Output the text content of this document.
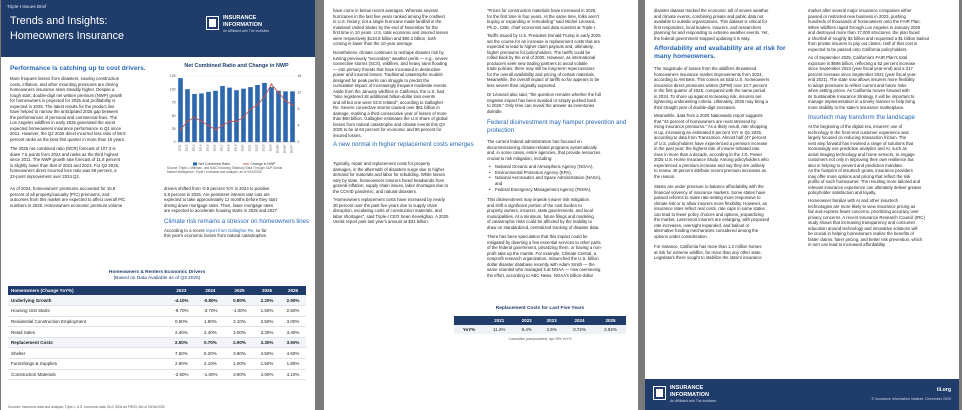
Triple-I Issues Brief
Trends and Insights:
Homeowners Insurance
INSURANCE
INFORMATION
An Affiliated with The Institutes
Performance is catching up to cost drivers.
More frequent losses from disasters, soaring construction
costs, inflation, and other mounting pressures are driving
homeowners insurance rates steadily higher. Despite a
rough start, double-digit net written premium (NWP) growth
for homeowners is projected for 2025 and profitability is
expected in 2026. The latest results for the product line
have helped to narrow the anticipated 2025 gap between
the performances of personal and commercial lines. The
Los Angeles wildfires in early 2025 generated the worst
expected homeowners insurance performance in Q1 since
2011. However, the Q2 2025 direct incurred loss ratio of 58.9
percent ranks as the best first quarter in more than 15 years.
The 2025 net combined ratio (NCR) forecast of 107.2 is
down 7.5 points from 2024 and ranks as the third highest
since 2011. The NWP growth rate forecast of 11.8 percent
is slightly lower than that of 2024 and 2023. For Q2 2025,
homeowners direct incurred loss ratio was 58 percent, a
22-point improvement over 2024 Q2.
As of 2024, homeowners' premiums accounted for 15.8
percent of all property/casualty (P/C) premiums, and
outcomes from this market are expected to affect overall P/C
numbers in 2025. Homeowners economic premium volume
drivers shifted from -0.8 percent YoY in 2024 to positive
0.8 percent in 2025. Are persistent interest rate cuts are
expected to take approximately 12 months before they start
driving down mortgage rates. Then, lower mortgage rates
are expected to accelerate housing starts in 2026 and 2027.
Climate risk remains a stressor on homeowners lines
According to a recent report from Gallagher Re, so far
this year's economic losses from natural catastrophes
Net Combined Ratio and Change in NWP
0
25
50
75
100
125
0
4
8
12
16
2011 2012 2013 2014 2015 2016 2017 2018 2019 2020 2021 2022 2023 2024 2025F 2026F 2027F
Net Combined Ratio	Change in NWP
Source: Triple-I, Milliman, and NAIC following Statutory Data Through S&P Global
Market Intelligence; Triple-I forecasts and analysis, as of 9/15/2025.
Homeowners & Renters Economic Drivers
(Based on Data Available as of Q3 2025)
Homeowners (Change YoY%)	2023	2024	2025	2026	2026
Underlying Growth	-4.10%	-0.80%	0.80%	2.20%	2.90%
Housing Unit Starts	-9.70%	-3.70%	-1.00%	1.50%	2.50%
Residential Construction Employment	0.50%	1.90%	2.10%	2.50%	3.00%
Retail Sales	2.40%	2.40%	3.00%	3.30%	3.40%
Replacement Costs	2.50%	0.70%	2.90%	3.30%	3.50%
Shelter	7.50%	5.20%	3.90%	4.50%	4.60%
Furnishings & Supplies	2.90%	2.10%	1.00%	1.50%	1.80%
Construction Materials	-2.90%	-1.00%	3.90%	4.00%	4.10%
Sources: Insurance data and analysis, Triple-I; U.S. economic data, BLS, BEA via FRED; Ath of 09/16/2025
have come in below recent averages. Whereas several
hurricanes in the last five years ranked among the costliest
in U.S. history, not a single hurricane made landfall in the
mainland United States by the end of November for the
first time in 10 years. U.S. total economic and insured losses
were respectively $134.8 billion and $90.3 billion, both
coming in lower than the 10-year average.
Nonetheless, climate continues to reshape disaster risk by
turning previously "secondary" weather perils — e.g., severe
convective storms (SCS), wildfires, and heavy rains flooding
— into primary threats that have increased in destructive
power and insured losses. Traditional catastrophe models
designed for peak perils can struggle to predict the
cumulative impact of increasingly frequent moderate events.
Aside from the January wildfires in California, the U.S. had
"also registered 18 additional billion-dollar loss events
and all but one were SCS related", according to Gallagher
Re. Severe convective storms caused over $61 billion in
damage, marking a third consecutive year of losses of more
than $50 billion. Gallagher estimates the U.S share of global
losses from natural catastrophe and climate events this Q3
2025 to be at 63 percent for economic and 86 percent for
insured losses.
A new normal in higher replacement costs emerges
Typically, repair and replacement costs for property
damages, in the aftermath of disasters surge due to higher
demand for materials and labor for rebuilding. While losses
vary by state, homeowners insurers faced headwinds from
general inflation, supply chain issues, labor shortages due to
the COVID pandemic, and natural disasters.
"Homeowners replacement costs have increased by nearly
30 percent over the past five years due to supply chain
disruption, escalating costs of construction materials, and
labor shortages", said Triple-I CEO Sean Kevelighan. A 2025
Verisk report puts last year's amount at $31 billion.
"Prices for construction materials have increased in 2025,
for the first time in four years. At the same time, folks aren't
buying or expanding or remodeling" said Michel Léonard,
Ph.D., CBE, chief economist and data scientist at Triple-I.
Tariffs issued by U.S. President Donald Trump in early 2025
set the course for an increase in replacement costs that are
expected to lead to higher claim payouts and, ultimately,
higher premiums for policyholders. The tariffs could be
rolled back by the end of 2025. However, as international
producers seek new trading partners to avoid volatile
trade policies, there may still be long-term repercussions
for the overall availability and pricing of certain materials.
Meanwhile, the overall impact of tariffs so far appears to be
less severe than originally expected.
Dr Léonard also said, "the question remains whether the full
negative impact has been avoided or simply pushed back
to 2026." Only time can reveal the answer as inventories
dwindle.
Federal disinvestment may hamper prevention and protection
The current federal administration has focused on
decommissioning climate-related programs systematically
and, in some cases, entire agencies, that provide resources
crucial to risk mitigation, including:
• National Oceanic and Atmospheric Agency (NOAA),
• Environmental Protection Agency (EPA),
• National Aeronautics and Space Administration (NASA),
and
• Federal Emergency Management Agency (FEMA).
This disinvestment may impede insurer risk mitigation
and shift a significant portion of the cost burden to
property owners, insurers, state governments, and local
municipalities. At a minimum, future filings and modeling
of catastrophic risks could be affected by the inability to
draw on standardized, centralized tracking of disaster data.
There has been speculation that this impact could be
mitigated by diverting a few essential services to other parts
of the federal government, privatizing them, or having a non-
profit take up the mantle. For example, Climate Central, a
nonprofit research organization, relaunched the U.S. billion
dollar disaster database recently with Adam Smith — the
same scientist who managed it at NOAA — now overseeing
the effort, according to ABC News. NOAA's billion-dollar
Replacement Costs for Last Five Years
	2021	2022	2023	2024	2025
YoY%	11.2%	9.4%	2.5%	0.72%	2.92%
Cumulative (compounded): apx 29% YoY%
disaster dataset tracked the economic toll of severe weather
and climate events, combining private and public data not
available to outside organizations. This dataset is critical for
first responders, local leaders, insurers, and researchers
planning for and responding to extreme weather events. Yet,
the federal government stopped updating it in May.
Affordability and availability are at risk for many homeowners.
The magnitude of losses from the wildfires threatened
homeowners insurance market improvements from 2024,
according to AM Best. This comes as total U.S. homeowners
insurance direct premiums written (DPW) rose 10.7 percent
in the first quarter of 2025, compared with the same period
in 2024. To shore up against increasing risk, insurers are
tightening underwriting criteria. Ultimately, 2025 may bring a
third straight year of double-digit increases.
Meanwhile, data from a 2025 Nationwide report suggests
that "43 percent of homeowners are most stressed by
rising insurance premiums." As a likely result, rate shopping
is up, increasing an estimated 5 percent YoY in Q1 2025,
according to data from TransUnion. Almost half (47 percent
of U.S. policyholders have experienced a premium increase
in the past year; the highest rate of insurer-initiated rate
rises in more than a decade, according to the J.D. Power
2025 U.S. Home Insurance Study. Among policyholders who
experienced a premium increase and say they are unlikely
to renew, 40 percent attribute recent premium increases as
the reason.
States are under pressure to balance affordability with the
financial solvency of insurance markets. Some states have
passed reforms to make rate-setting more responsive to
climate risk or to allow insurers more flexibility. However, as
insurance rates reflect real costs, rate caps in some states
can lead to fewer policy choices and options, jeopardizing
the market. Last-resort insurers are enlarging, with proposed
rate increases, oversight expanded, and bailout or
alternative funding mechanisms considered among the
options under consideration.
For instance, California has more than 1.2 million homes
at risk for extreme wildfire, far more than any other state.
Legislators there sought to stabilize the state's insurance
market after several major insurance companies either
paused or restricted new business in 2023, pushing
hundreds of thousands of homeowners onto the FAIR Plan.
When wildfires raged through Los Angeles in January 2025
and destroyed more than 17,000 structures, the plan faced
a shortfall of roughly $4 billion and requested a $1 billion bailout
from private insurers to pay out claims. Half of that cost is
expected to be passed onto California policyholders.
As of September 2025, California's FAIR Plan's total
exposure is $696 billion, reflecting a 52 percent increase
since September 2024 (year fiscal year-end) and a 317
percent increase since September 2021 (year fiscal year-
end 2021). The state now allows insurers more flexibility
to adopt premiums to reflect current and future risks
when setting prices. As California moves forward with
its Sustainable Insurance Strategy, it will be important to
manage implementation in a timely manner to help bring
more stability to the state's insurance marketplace.
Insurtech may transform the landscape
At the beginning of the digital era, insurers' use of
technology in the front-end customer experience was
largely focused on reducing transaction friction. The
next step forward has involved a range of solutions that
increasingly use predictive analytics and AI, such as
aerial imaging technology and home sensors, to engage
customers not only in improving their own resilience but
also in helping to prevent and prediction mandate.
As the footprint of insurtech grows, insurance providers
may offer more options and pricing that reflect the risk
profile of each homeowner. The resulting more tailored and
relevant insurance experience can ultimately deliver greater
policyholder satisfaction and loyalty.
Homeowner familiar with AI and other insurtech
technologies are more likely to view insurance pricing as
fair and express fewer concerns, prioritizing accuracy over
privacy concerns. A recent Insurance Research Council (IRC)
study shows that increasing transparency and consumer
education around technology and innovative solutions will
be crucial in helping homeowners realize the benefits of
faster claims, fairer pricing, and better risk prevention, which
in turn can lead to increased affordability.
INSURANCE
INFORMATION
An Affiliated with The Institutes
iii.org
© Insurance Information Institute, December 2025
